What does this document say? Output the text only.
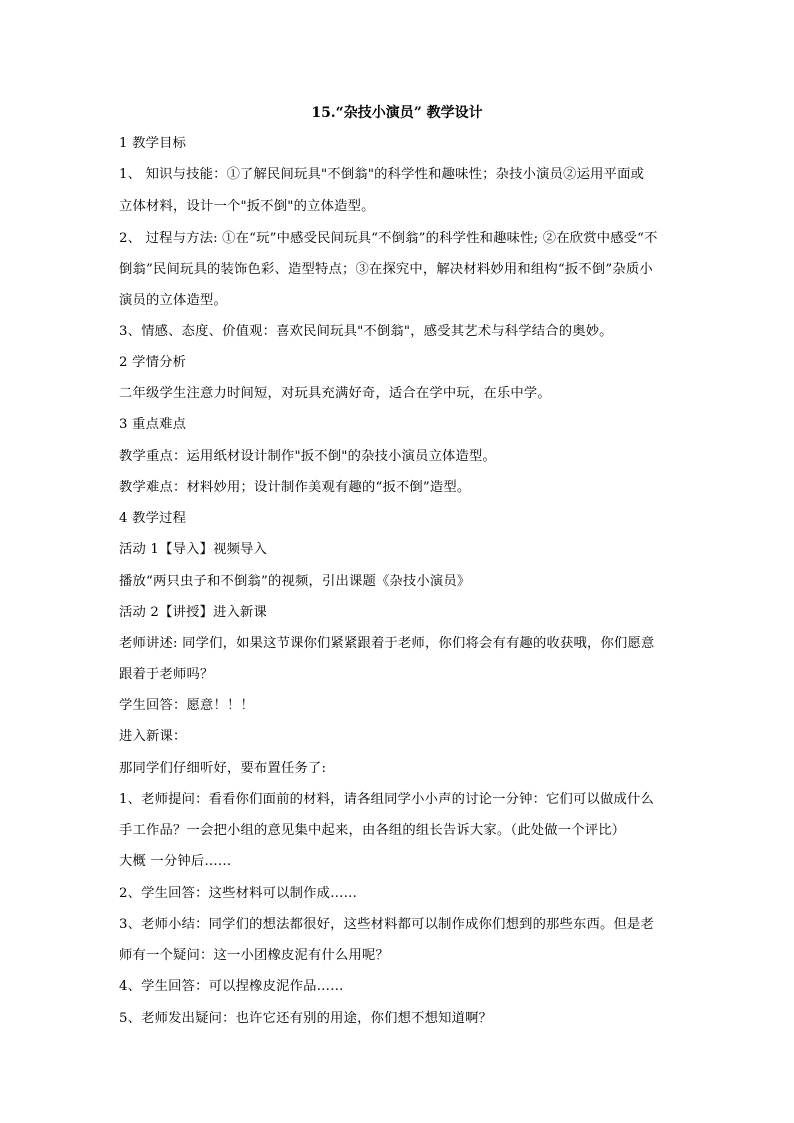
15.“杂技小演员” 教学设计
1 教学目标
1、 知识与技能：①了解民间玩具"不倒翁"的科学性和趣味性；杂技小演员②运用平面或
立体材料，设计一个"扳不倒"的立体造型。
2、 过程与方法: ①在“玩”中感受民间玩具“不倒翁”的科学性和趣味性; ②在欣赏中感受“不
倒翁”民间玩具的装饰色彩、造型特点；③在探究中，解决材料妙用和组构“扳不倒”杂质小
演员的立体造型。
3、情感、态度、价值观：喜欢民间玩具"不倒翁"，感受其艺术与科学结合的奥妙。
2 学情分析
二年级学生注意力时间短，对玩具充满好奇，适合在学中玩，在乐中学。
3 重点难点
教学重点：运用纸材设计制作"扳不倒"的杂技小演员立体造型。
教学难点：材料妙用；设计制作美观有趣的“扳不倒”造型。
4 教学过程
活动 1【导入】视频导入
播放“两只虫子和不倒翁”的视频，引出课题《杂技小演员》
活动 2【讲授】进入新课
老师讲述: 同学们，如果这节课你们紧紧跟着于老师，你们将会有有趣的收获哦，你们愿意
跟着于老师吗？
学生回答：愿意！！！
进入新课：
那同学们仔细听好，要布置任务了:
1、老师提问：看看你们面前的材料，请各组同学小小声的讨论一分钟：它们可以做成什么
手工作品？一会把小组的意见集中起来，由各组的组长告诉大家。（此处做一个评比）
大概 一分钟后……
2、学生回答：这些材料可以制作成……
3、老师小结：同学们的想法都很好，这些材料都可以制作成你们想到的那些东西。但是老
师有一个疑问：这一小团橡皮泥有什么用呢？
4、学生回答：可以捏橡皮泥作品……
5、老师发出疑问：也许它还有别的用途，你们想不想知道啊？
